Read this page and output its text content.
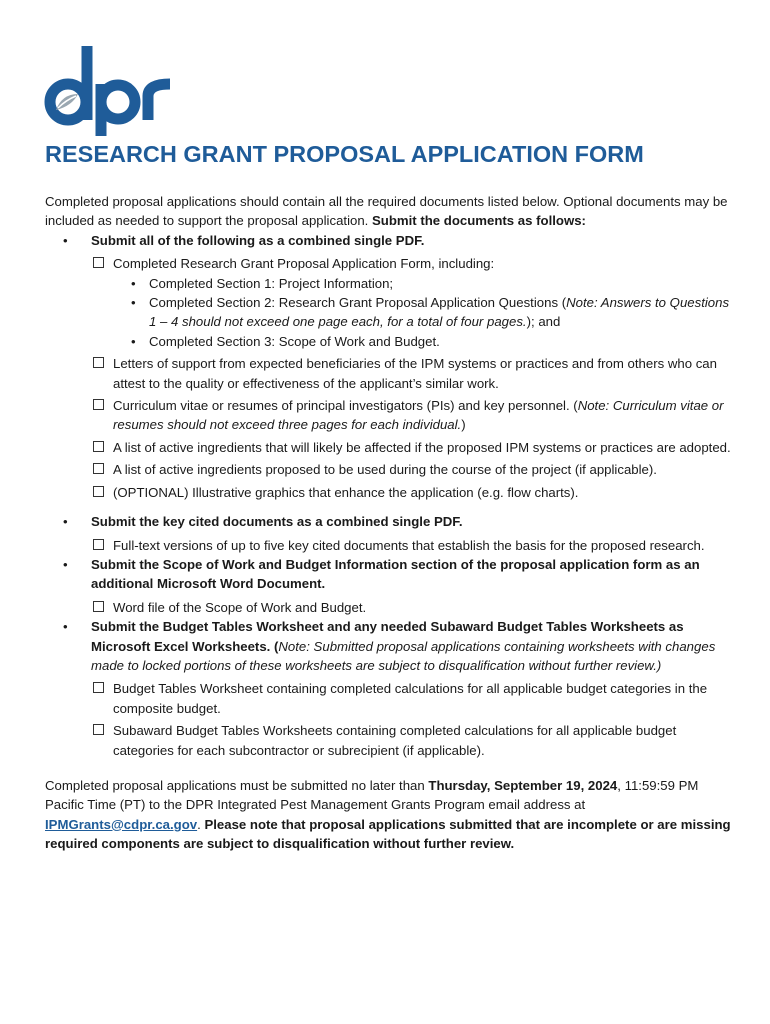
RESEARCH GRANT PROPOSAL APPLICATION FORM

Completed proposal applications should contain all the required documents listed below. Optional documents may be included as needed to support the proposal application. Submit the documents as follows:

• Submit all of the following as a combined single PDF.
Completed Research Grant Proposal Application Form, including:
• Completed Section 1: Project Information;
• Completed Section 2: Research Grant Proposal Application Questions (Note: Answers to Questions 1 – 4 should not exceed one page each, for a total of four pages.); and
• Completed Section 3: Scope of Work and Budget.
Letters of support from expected beneficiaries of the IPM systems or practices and from others who can attest to the quality or effectiveness of the applicant’s similar work.
Curriculum vitae or resumes of principal investigators (PIs) and key personnel. (Note: Curriculum vitae or resumes should not exceed three pages for each individual.)
A list of active ingredients that will likely be affected if the proposed IPM systems or practices are adopted.
A list of active ingredients proposed to be used during the course of the project (if applicable).
(OPTIONAL) Illustrative graphics that enhance the application (e.g. flow charts).
• Submit the key cited documents as a combined single PDF.
Full-text versions of up to five key cited documents that establish the basis for the proposed research.
• Submit the Scope of Work and Budget Information section of the proposal application form as an additional Microsoft Word Document.
Word file of the Scope of Work and Budget.
• Submit the Budget Tables Worksheet and any needed Subaward Budget Tables Worksheets as Microsoft Excel Worksheets. (Note: Submitted proposal applications containing worksheets with changes made to locked portions of these worksheets are subject to disqualification without further review.)
Budget Tables Worksheet containing completed calculations for all applicable budget categories in the composite budget.
Subaward Budget Tables Worksheets containing completed calculations for all applicable budget categories for each subcontractor or subrecipient (if applicable).

Completed proposal applications must be submitted no later than Thursday, September 19, 2024, 11:59:59 PM Pacific Time (PT) to the DPR Integrated Pest Management Grants Program email address at IPMGrants@cdpr.ca.gov. Please note that proposal applications submitted that are incomplete or are missing required components are subject to disqualification without further review.
